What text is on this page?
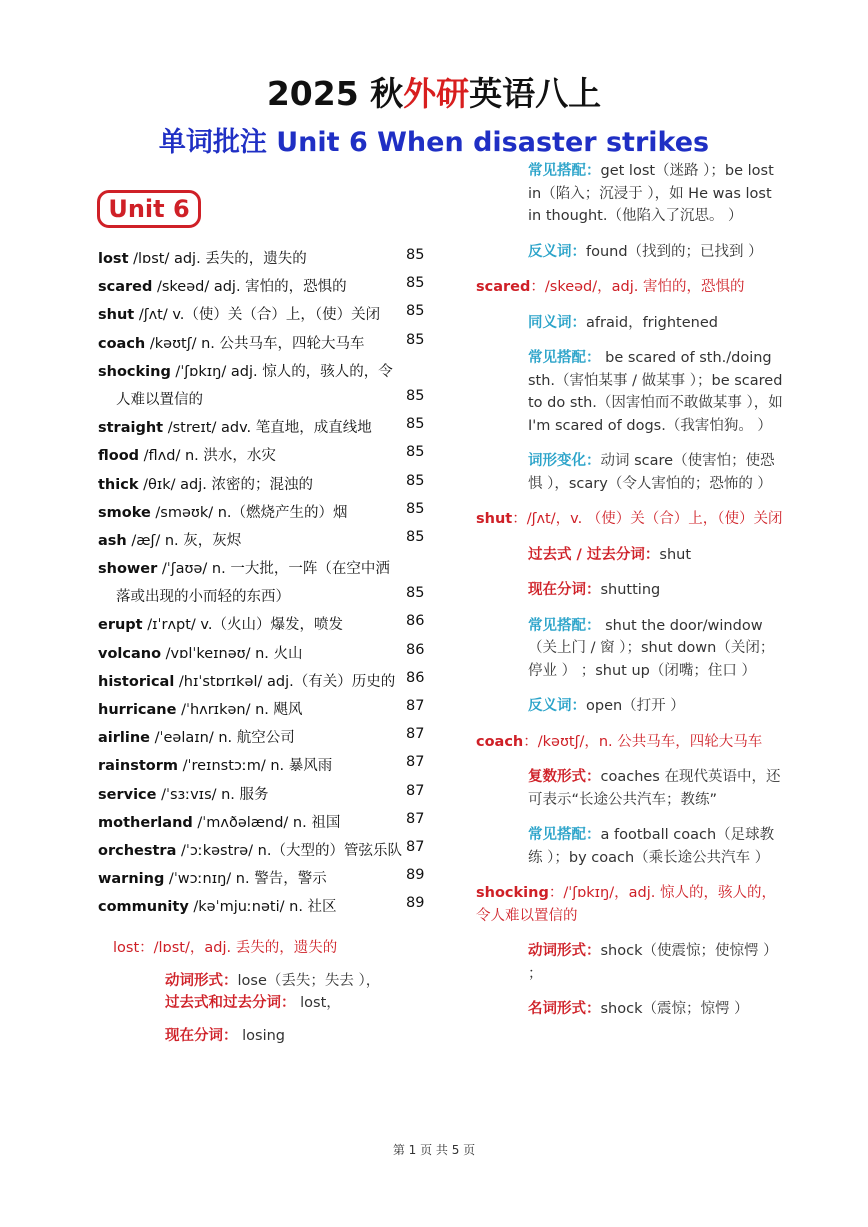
2025 秋外研英语八上
单词批注 Unit 6 When disaster strikes
Unit 6
lost /lɒst/ adj. 丢失的，遗失的	85
scared /skeəd/ adj. 害怕的，恐惧的	85
shut /ʃʌt/ v.（使）关（合）上，（使）关闭 85
coach /kəʊtʃ/ n. 公共马车，四轮大马车	85
shocking /ˈʃɒkɪŋ/ adj. 惊人的，骇人的，令
人难以置信的	85
straight /streɪt/ adv. 笔直地，成直线地 85
flood /flʌd/ n. 洪水，水灾	85
thick /θɪk/ adj. 浓密的；混浊的	85
smoke /sməʊk/ n.（燃烧产生的）烟	85
ash /æʃ/ n. 灰，灰烬	85
shower /ˈʃaʊə/ n. 一大批，一阵（在空中洒
落或出现的小而轻的东西）	85
erupt /ɪˈrʌpt/ v.（火山）爆发，喷发	86
volcano /vɒlˈkeɪnəʊ/ n. 火山	86
historical /hɪˈstɒrɪkəl/ adj.（有关）历史的 86
hurricane /ˈhʌrɪkən/ n. 飓风	87
airline /ˈeəlaɪn/ n. 航空公司	87
rainstorm /ˈreɪnstɔːm/ n. 暴风雨	87
service /ˈsɜːvɪs/ n. 服务	87
motherland /ˈmʌðəlænd/ n. 祖国	87
orchestra /ˈɔːkəstrə/ n.（大型的）管弦乐队 87
warning /ˈwɔːnɪŋ/ n. 警告，警示	89
community /kəˈmjuːnəti/ n. 社区	89
lost：/lɒst/，adj. 丢失的，遗失的
动词形式：lose（丢失；失去 ），
过去式和过去分词： lost，
现在分词： losing
常见搭配：get lost（迷路 ）；be lost in（陷入；沉浸于 ），如 He was lost in thought.（他陷入了沉思。 ）
反义词：found（找到的；已找到 ）
scared：/skeəd/，adj. 害怕的，恐惧的
同义词：afraid，frightened
常见搭配： be scared of sth./doing sth.（害怕某事 / 做某事 ）；be scared to do sth.（因害怕而不敢做某事 ），如 I'm scared of dogs.（我害怕狗。 ）
词形变化：动词 scare（使害怕；使恐惧 ），scary（令人害怕的；恐怖的 ）
shut：/ʃʌt/，v. （使）关（合）上，（使）关闭
过去式 / 过去分词：shut
现在分词：shutting
常见搭配： shut the door/window（关上门 / 窗 ）；shut down（关闭；停业 ） ；shut up（闭嘴；住口 ）
反义词：open（打开 ）
coach：/kəʊtʃ/，n. 公共马车，四轮大马车
复数形式：coaches 在现代英语中，还可表示“长途公共汽车；教练”
常见搭配：a football coach（足球教练 ）；by coach（乘长途公共汽车 ）
shocking：/ˈʃɒkɪŋ/，adj. 惊人的，骇人的，令人难以置信的
动词形式：shock（使震惊；使惊愕 ） ；
名词形式：shock（震惊；惊愕 ）
第 1 页 共 5 页
